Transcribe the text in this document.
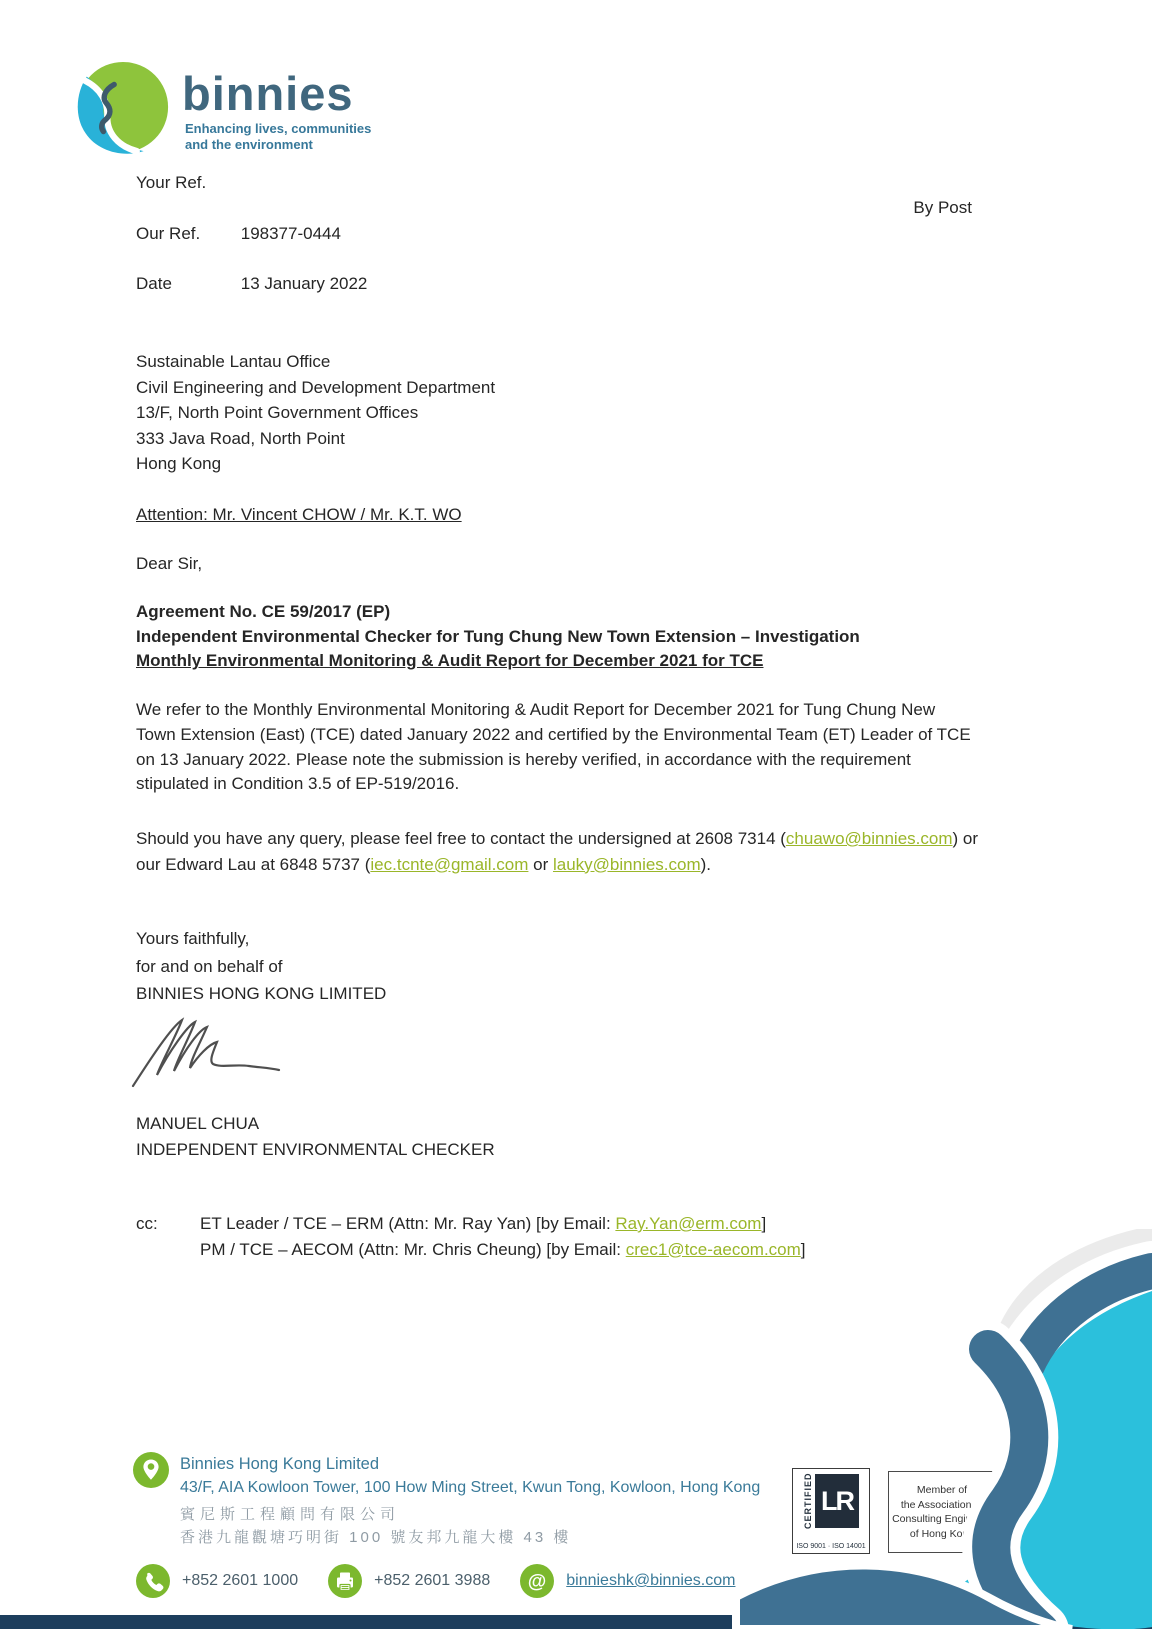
binnies
Enhancing lives, communities
and the environment
Your Ref.
By Post
Our Ref. 198377-0444
Date	13 January 2022
Sustainable Lantau Office
Civil Engineering and Development Department
13/F, North Point Government Offices
333 Java Road, North Point
Hong Kong
Attention: Mr. Vincent CHOW / Mr. K.T. WO
Dear Sir,
Agreement No. CE 59/2017 (EP)
Independent Environmental Checker for Tung Chung New Town Extension – Investigation
Monthly Environmental Monitoring & Audit Report for December 2021 for TCE

We refer to the Monthly Environmental Monitoring & Audit Report for December 2021 for Tung Chung New Town Extension (East) (TCE) dated January 2022 and certified by the Environmental Team (ET) Leader of TCE on 13 January 2022. Please note the submission is hereby verified, in accordance with the requirement stipulated in Condition 3.5 of EP-519/2016.

Should you have any query, please feel free to contact the undersigned at 2608 7314 (chuawo@binnies.com) or our Edward Lau at 6848 5737 (iec.tcnte@gmail.com or lauky@binnies.com).

Yours faithfully,
for and on behalf of
BINNIES HONG KONG LIMITED
MANUEL CHUA
INDEPENDENT ENVIRONMENTAL CHECKER
cc: ET Leader / TCE – ERM (Attn: Mr. Ray Yan) [by Email: Ray.Yan@erm.com]
PM / TCE – AECOM (Attn: Mr. Chris Cheung) [by Email: crec1@tce-aecom.com]
Binnies Hong Kong Limited
43/F, AIA Kowloon Tower, 100 How Ming Street, Kwun Tong, Kowloon, Hong Kong
賓尼斯工程顧問有限公司
香港九龍觀塘巧明街 100 號友邦九龍大樓 43 樓
+852 2601 1000	+852 2601 3988 @ binnieshk@binnies.com
CERTIFIED LR
ISO 9001 · ISO 14001
Member of
the Association of
Consulting Engineers
of Hong Kong
